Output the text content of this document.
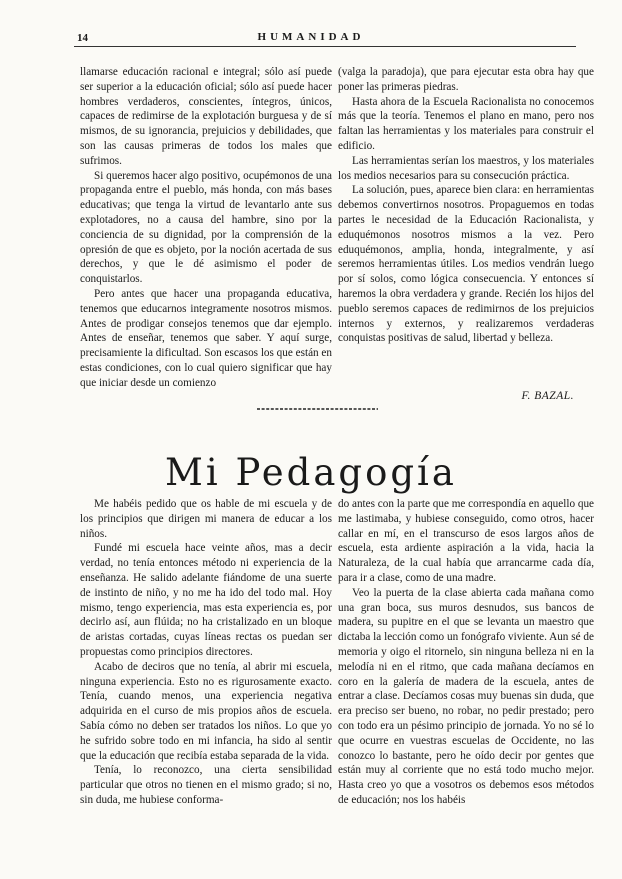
14	HUMANIDAD

llamarse educación racional e integral; sólo así puede ser superior a la educación oficial; sólo así puede hacer hombres verdaderos, conscientes, íntegros, únicos, capaces de redimirse de la explotación burguesa y de sí mismos, de su ignorancia, prejuicios y debilidades, que son las causas primeras de todos los males que sufrimos.

Si queremos hacer algo positivo, ocupémonos de una propaganda entre el pueblo, más honda, con más bases educativas; que tenga la virtud de levantarlo ante sus explotadores, no a causa del hambre, sino por la conciencia de su dignidad, por la comprensión de la opresión de que es objeto, por la noción acertada de sus derechos, y que le dé asimismo el poder de conquistarlos.

Pero antes que hacer una propaganda educativa, tenemos que educarnos integramente nosotros mismos. Antes de prodigar consejos tenemos que dar ejemplo. Antes de enseñar, tenemos que saber. Y aquí surge, precisamiente la dificultad. Son escasos los que están en estas condiciones, con lo cual quiero significar que hay que iniciar desde un comienzo

(valga la paradoja), que para ejecutar esta obra hay que poner las primeras piedras.

Hasta ahora de la Escuela Racionalista no conocemos más que la teoría. Tenemos el plano en mano, pero nos faltan las herramientas y los materiales para construir el edificio.

Las herramientas serían los maestros, y los materiales los medios necesarios para su consecución práctica.

La solución, pues, aparece bien clara: en herramientas debemos convertirnos nosotros. Propaguemos en todas partes le necesidad de la Educación Racionalista, y eduquémonos nosotros mismos a la vez. Pero eduquémonos, amplia, honda, integralmente, y así seremos herramientas útiles. Los medios vendrán luego por sí solos, como lógica consecuencia. Y entonces sí haremos la obra verdadera y grande. Recién los hijos del pueblo seremos capaces de redimirnos de los prejuicios internos y externos, y realizaremos verdaderas conquistas positivas de salud, libertad y belleza.

F. BAZAL.
Mi Pedagogía

Me habéis pedido que os hable de mi escuela y de los principios que dirigen mi manera de educar a los niños.

Fundé mi escuela hace veinte años, mas a decir verdad, no tenía entonces método ni experiencia de la enseñanza. He salido adelante fiándome de una suerte de instinto de niño, y no me ha ido del todo mal. Hoy mismo, tengo experiencia, mas esta experiencia es, por decirlo así, aun flúida; no ha cristalizado en un bloque de aristas cortadas, cuyas líneas rectas os puedan ser propuestas como principios directores.

Acabo de deciros que no tenía, al abrir mi escuela, ninguna experiencia. Esto no es rigurosamente exacto. Tenía, cuando menos, una experiencia negativa adquirida en el curso de mis propios años de escuela. Sabía cómo no deben ser tratados los niños. Lo que yo he sufrido sobre todo en mi infancia, ha sido al sentir que la educación que recibía estaba separada de la vida.

Tenía, lo reconozco, una cierta sensibilidad particular que otros no tienen en el mismo grado; si no, sin duda, me hubiese conforma-

do antes con la parte que me correspondía en aquello que me lastimaba, y hubiese conseguido, como otros, hacer callar en mí, en el transcurso de esos largos años de escuela, esta ardiente aspiración a la vida, hacia la Naturaleza, de la cual había que arrancarme cada día, para ir a clase, como de una madre.

Veo la puerta de la clase abierta cada mañana como una gran boca, sus muros desnudos, sus bancos de madera, su pupitre en el que se levanta un maestro que dictaba la lección como un fonógrafo viviente. Aun sé de memoria y oigo el ritornelo, sin ninguna belleza ni en la melodía ni en el ritmo, que cada mañana decíamos en coro en la galería de madera de la escuela, antes de entrar a clase. Decíamos cosas muy buenas sin duda, que era preciso ser bueno, no robar, no pedir prestado; pero con todo era un pésimo principio de jornada. Yo no sé lo que ocurre en vuestras escuelas de Occidente, no las conozco lo bastante, pero he oído decir por gentes que están muy al corriente que no está todo mucho mejor. Hasta creo yo que a vosotros os debemos esos métodos de educación; nos los habéis
